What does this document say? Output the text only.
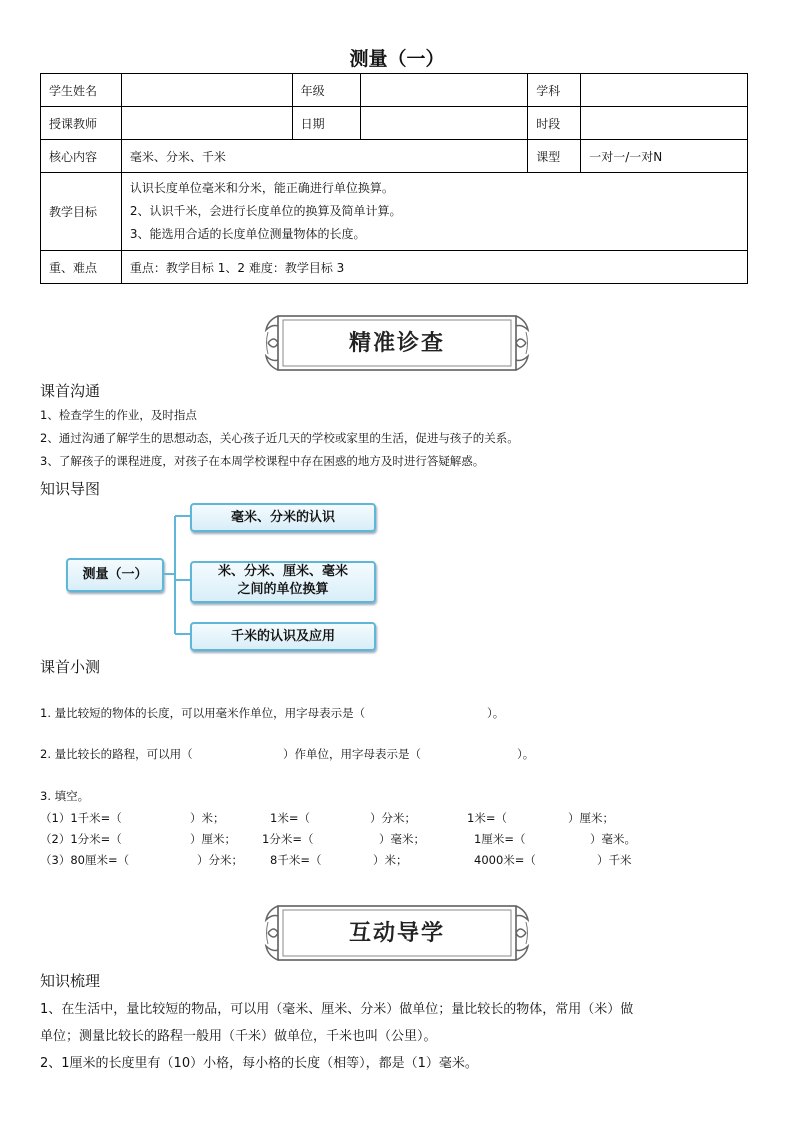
测量（一）
学生姓名		年级		学科	
授课教师		日期		时段	
核心内容	毫米、分米、千米			课型	一对一/一对N
教学目标	认识长度单位毫米和分米，能正确进行单位换算。
2、认识千米，会进行长度单位的换算及简单计算。
3、能选用合适的长度单位测量物体的长度。				

重、难点	重点：教学目标 1、2 难度：教学目标 3				
精准诊查
课首沟通
1、检查学生的作业，及时指点
2、通过沟通了解学生的思想动态，关心孩子近几天的学校或家里的生活，促进与孩子的关系。
3、了解孩子的课程进度，对孩子在本周学校课程中存在困惑的地方及时进行答疑解惑。
知识导图
测量（一）
毫米、分米的认识
米、分米、厘米、毫米
之间的单位换算
千米的认识及应用
课首小测
1. 量比较短的物体的长度，可以用毫米作单位，用字母表示是（	）。
2. 量比较长的路程，可以用（	）作单位，用字母表示是（	）。
3. 填空。
（1）1千米=（	）米；	1米=（	）分米；	1米=（	）厘米；
（2）1分米=（	）厘米； 1分米=（	）毫米；	1厘米=（	）毫米。
（3）80厘米=（	）分米； 8千米=（	）米；	4000米=（	）千米
互动导学
知识梳理
1、在生活中，量比较短的物品，可以用（毫米、厘米、分米）做单位；量比较长的物体，常用（米）做
单位；测量比较长的路程一般用（千米）做单位，千米也叫（公里）。
2、1厘米的长度里有（10）小格，每小格的长度（相等），都是（1）毫米。
